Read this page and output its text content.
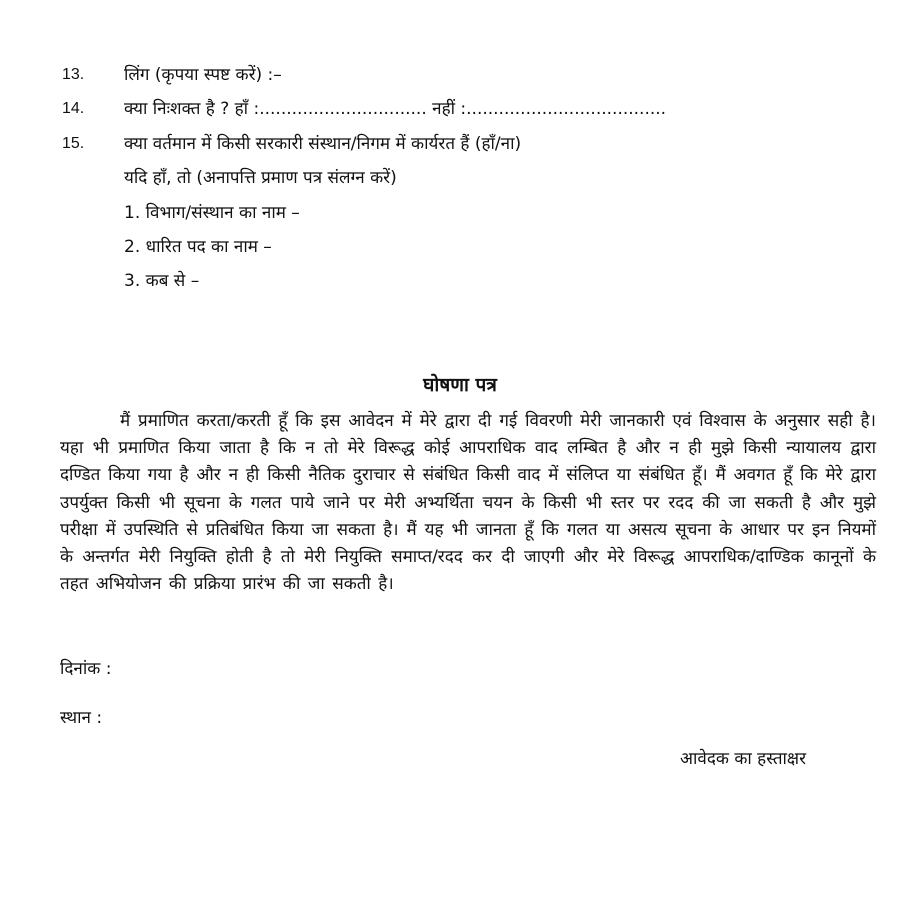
13. लिंग (कृपया स्पष्ट करें) :–
14. क्या निःशक्त है ? हाँ :............................... नहीं :.....................................
15. क्या वर्तमान में किसी सरकारी संस्थान/निगम में कार्यरत हैं (हाँ/ना)
यदि हाँ, तो (अनापत्ति प्रमाण पत्र संलग्न करें)
1. विभाग/संस्थान का नाम –
2. धारित पद का नाम –
3. कब से –
घोषणा पत्र
मैं प्रमाणित करता/करती हूँ कि इस आवेदन में मेरे द्वारा दी गई विवरणी मेरी जानकारी एवं विश्वास के अनुसार सही है। यहा भी प्रमाणित किया जाता है कि न तो मेरे विरूद्ध कोई आपराधिक वाद लम्बित है और न ही मुझे किसी न्यायालय द्वारा दण्डित किया गया है और न ही किसी नैतिक दुराचार से संबंधित किसी वाद में संलिप्त या संबंधित हूँ। मैं अवगत हूँ कि मेरे द्वारा उपर्युक्त किसी भी सूचना के गलत पाये जाने पर मेरी अभ्यर्थिता चयन के किसी भी स्तर पर रदद की जा सकती है और मुझे परीक्षा में उपस्थिति से प्रतिबंधित किया जा सकता है। मैं यह भी जानता हूँ कि गलत या असत्य सूचना के आधार पर इन नियमों के अन्तर्गत मेरी नियुक्ति होती है तो मेरी नियुक्ति समाप्त/रदद कर दी जाएगी और मेरे विरूद्ध आपराधिक/दाण्डिक कानूनों के तहत अभियोजन की प्रक्रिया प्रारंभ की जा सकती है।
दिनांक :
स्थान :
आवेदक का हस्ताक्षर
